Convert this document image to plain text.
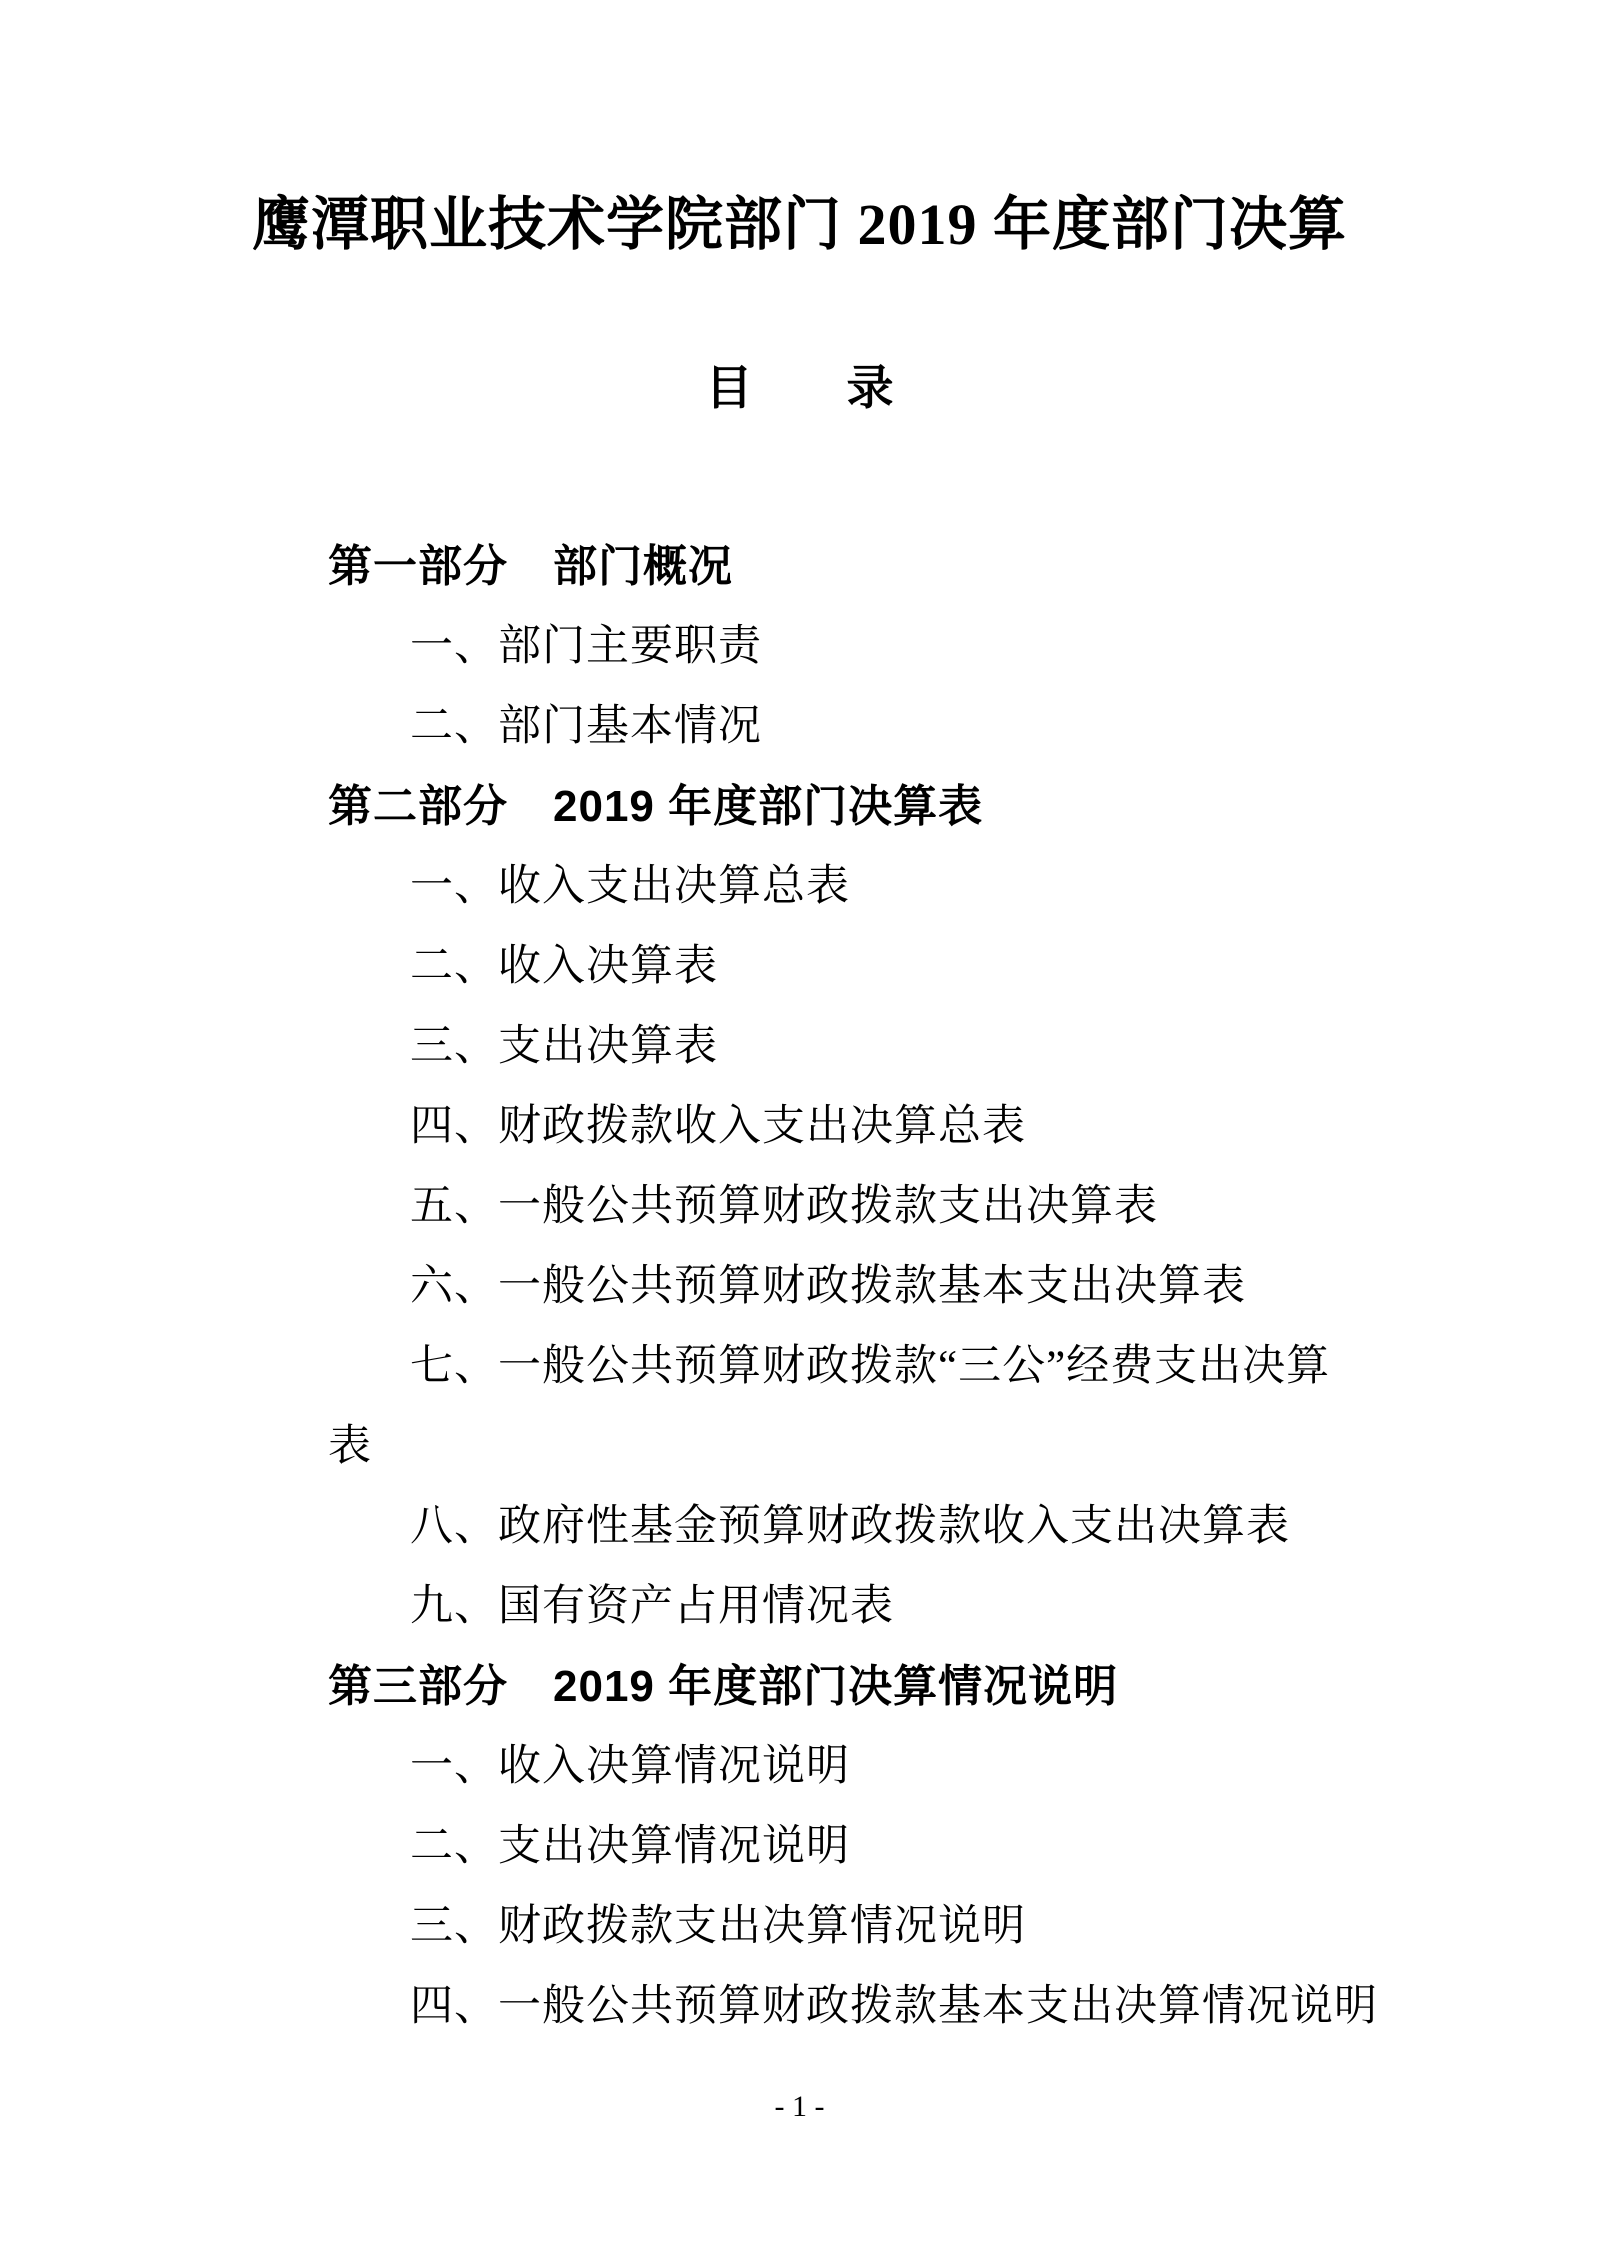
鹰潭职业技术学院部门 2019 年度部门决算
目　　录
第一部分　部门概况
一、部门主要职责
二、部门基本情况
第二部分　2019 年度部门决算表
一、收入支出决算总表
二、收入决算表
三、支出决算表
四、财政拨款收入支出决算总表
五、一般公共预算财政拨款支出决算表
六、一般公共预算财政拨款基本支出决算表
七、一般公共预算财政拨款“三公”经费支出决算
表
八、政府性基金预算财政拨款收入支出决算表
九、国有资产占用情况表
第三部分　2019 年度部门决算情况说明
一、收入决算情况说明
二、支出决算情况说明
三、财政拨款支出决算情况说明
四、一般公共预算财政拨款基本支出决算情况说明
- 1 -
